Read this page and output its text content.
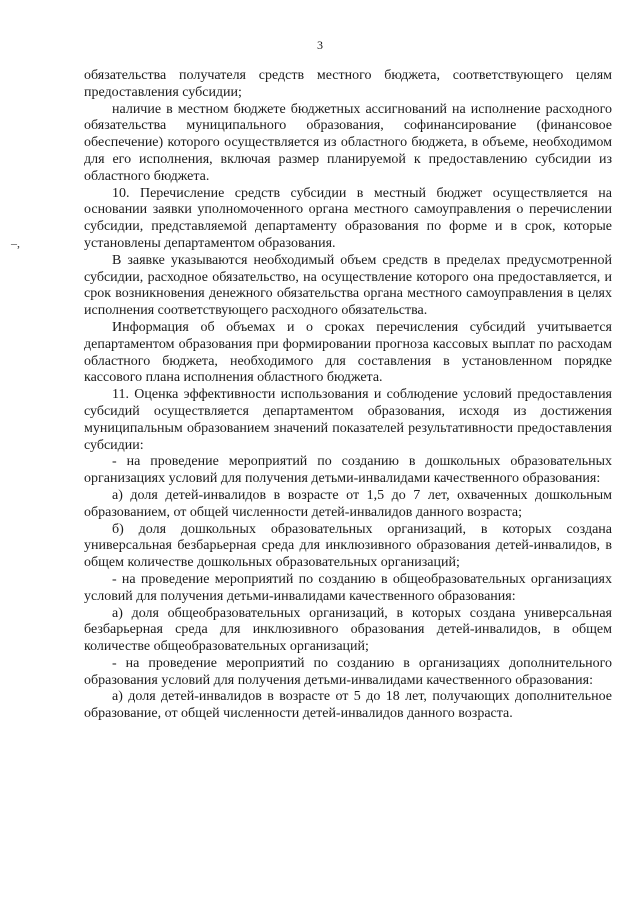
3
–,

обязательства получателя средств местного бюджета, соответствующего целям предоставления субсидии;

наличие в местном бюджете бюджетных ассигнований на исполнение расходного обязательства муниципального образования, софинансирование (финансовое обеспечение) которого осуществляется из областного бюджета, в объеме, необходимом для его исполнения, включая размер планируемой к предоставлению субсидии из областного бюджета.

10. Перечисление средств субсидии в местный бюджет осуществляется на основании заявки уполномоченного органа местного самоуправления о перечислении субсидии, представляемой департаменту образования по форме и в срок, которые установлены департаментом образования.

В заявке указываются необходимый объем средств в пределах предусмотренной субсидии, расходное обязательство, на осуществление которого она предоставляется, и срок возникновения денежного обязательства органа местного самоуправления в целях исполнения соответствующего расходного обязательства.

Информация об объемах и о сроках перечисления субсидий учитывается департаментом образования при формировании прогноза кассовых выплат по расходам областного бюджета, необходимого для составления в установленном порядке кассового плана исполнения областного бюджета.

11. Оценка эффективности использования и соблюдение условий предоставления субсидий осуществляется департаментом образования, исходя из достижения муниципальным образованием значений показателей результативности предоставления субсидии:

- на проведение мероприятий по созданию в дошкольных образовательных организациях условий для получения детьми-инвалидами качественного образования:

а) доля детей-инвалидов в возрасте от 1,5 до 7 лет, охваченных дошкольным образованием, от общей численности детей-инвалидов данного возраста;

б) доля дошкольных образовательных организаций, в которых создана универсальная безбарьерная среда для инклюзивного образования детей-инвалидов, в общем количестве дошкольных образовательных организаций;

- на проведение мероприятий по созданию в общеобразовательных организациях условий для получения детьми-инвалидами качественного образования:

а) доля общеобразовательных организаций, в которых создана универсальная безбарьерная среда для инклюзивного образования детей-инвалидов, в общем количестве общеобразовательных организаций;

- на проведение мероприятий по созданию в организациях дополнительного образования условий для получения детьми-инвалидами качественного образования:

а) доля детей-инвалидов в возрасте от 5 до 18 лет, получающих дополнительное образование, от общей численности детей-инвалидов данного возраста.
